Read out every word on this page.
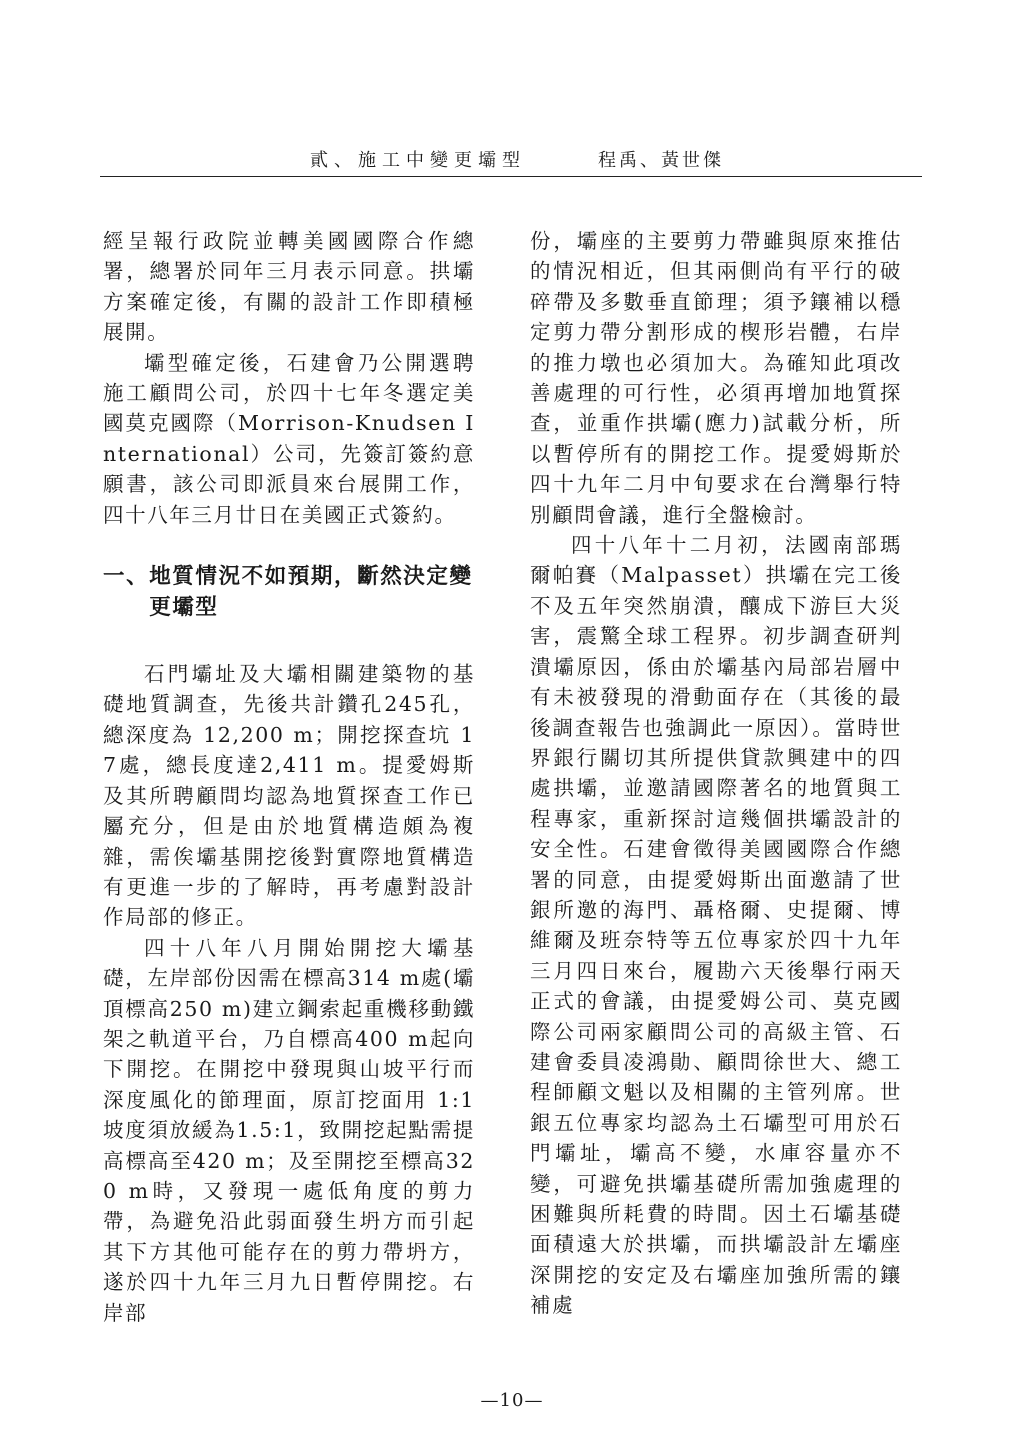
貳、施工中變更壩型	程禹、黃世傑

經呈報行政院並轉美國國際合作總署，總署於同年三月表示同意。拱壩方案確定後，有關的設計工作即積極展開。

壩型確定後，石建會乃公開選聘施工顧問公司，於四十七年冬選定美國莫克國際（Morrison-Knudsen International）公司，先簽訂簽約意願書，該公司即派員來台展開工作，四十八年三月廿日在美國正式簽約。

一、 地質情況不如預期，斷然決定變更壩型

石門壩址及大壩相關建築物的基礎地質調查，先後共計鑽孔245孔，總深度為 12,200 m；開挖探查坑 17處，總長度達2,411 m。提愛姆斯及其所聘顧問均認為地質探查工作已屬充分，但是由於地質構造頗為複雜，需俟壩基開挖後對實際地質構造有更進一步的了解時，再考慮對設計作局部的修正。

四十八年八月開始開挖大壩基礎，左岸部份因需在標高314 m處(壩頂標高250 m)建立鋼索起重機移動鐵架之軌道平台，乃自標高400 m起向下開挖。在開挖中發現與山坡平行而深度風化的節理面，原訂挖面用 1:1坡度須放緩為1.5:1，致開挖起點需提高標高至420 m；及至開挖至標高320 m時，又發現一處低角度的剪力帶，為避免沿此弱面發生坍方而引起其下方其他可能存在的剪力帶坍方，遂於四十九年三月九日暫停開挖。右岸部

份，壩座的主要剪力帶雖與原來推估的情況相近，但其兩側尚有平行的破碎帶及多數垂直節理；須予鑲補以穩定剪力帶分割形成的楔形岩體，右岸的推力墩也必須加大。為確知此項改善處理的可行性，必須再增加地質探查，並重作拱壩(應力)試載分析，所以暫停所有的開挖工作。提愛姆斯於四十九年二月中旬要求在台灣舉行特別顧問會議，進行全盤檢討。

四十八年十二月初，法國南部瑪爾帕賽（Malpasset）拱壩在完工後不及五年突然崩潰，釀成下游巨大災害，震驚全球工程界。初步調查研判潰壩原因，係由於壩基內局部岩層中有未被發現的滑動面存在（其後的最後調查報告也強調此一原因）。當時世界銀行關切其所提供貸款興建中的四處拱壩，並邀請國際著名的地質與工程專家，重新探討這幾個拱壩設計的安全性。石建會徵得美國國際合作總署的同意，由提愛姆斯出面邀請了世銀所邀的海門、聶格爾、史提爾、博維爾及班奈特等五位專家於四十九年三月四日來台，履勘六天後舉行兩天正式的會議，由提愛姆公司、莫克國際公司兩家顧問公司的高級主管、石建會委員凌鴻勛、顧問徐世大、總工程師顧文魁以及相關的主管列席。世銀五位專家均認為土石壩型可用於石門壩址，壩高不變，水庫容量亦不變，可避免拱壩基礎所需加強處理的困難與所耗費的時間。因土石壩基礎面積遠大於拱壩，而拱壩設計左壩座深開挖的安定及右壩座加強所需的鑲補處

—10—
